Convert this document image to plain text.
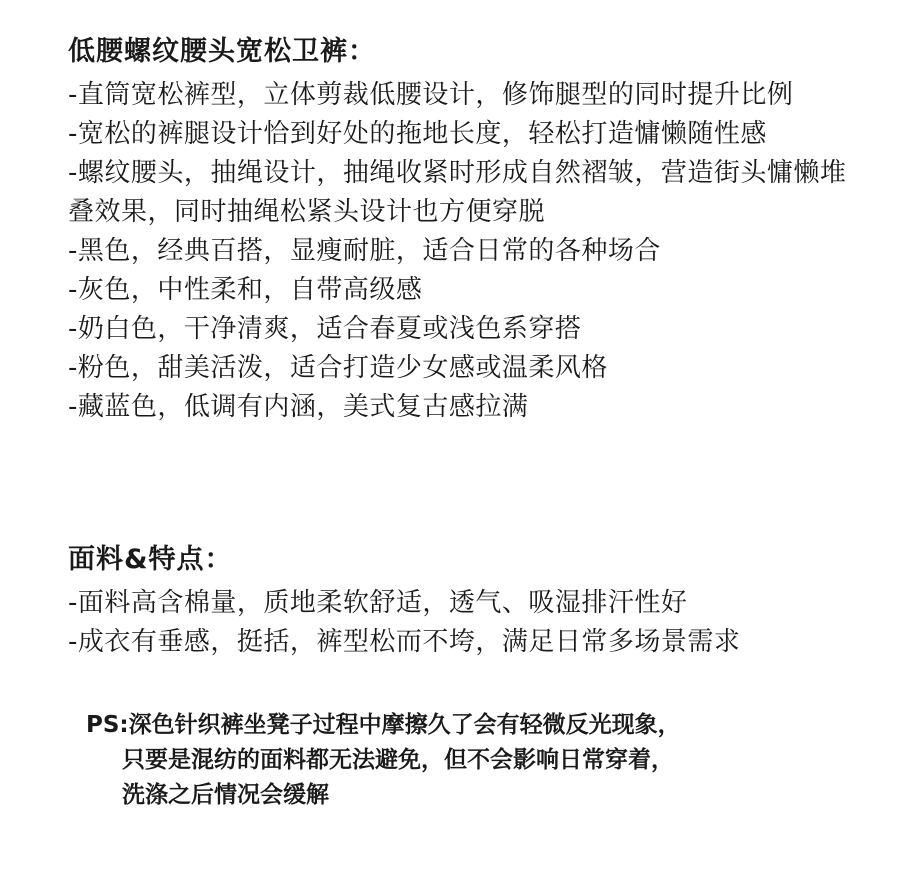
低腰螺纹腰头宽松卫裤：
-直筒宽松裤型，立体剪裁低腰设计，修饰腿型的同时提升比例
-宽松的裤腿设计恰到好处的拖地长度，轻松打造慵懒随性感
-螺纹腰头，抽绳设计，抽绳收紧时形成自然褶皱，营造街头慵懒堆叠效果，同时抽绳松紧头设计也方便穿脱
-黑色，经典百搭，显瘦耐脏，适合日常的各种场合
-灰色，中性柔和，自带高级感
-奶白色，干净清爽，适合春夏或浅色系穿搭
-粉色，甜美活泼，适合打造少女感或温柔风格
-藏蓝色，低调有内涵，美式复古感拉满
面料&特点：
-面料高含棉量，质地柔软舒适，透气、吸湿排汗性好
-成衣有垂感，挺括，裤型松而不垮，满足日常多场景需求
PS:深色针织裤坐凳子过程中摩擦久了会有轻微反光现象，
只要是混纺的面料都无法避免，但不会影响日常穿着，
洗涤之后情况会缓解
